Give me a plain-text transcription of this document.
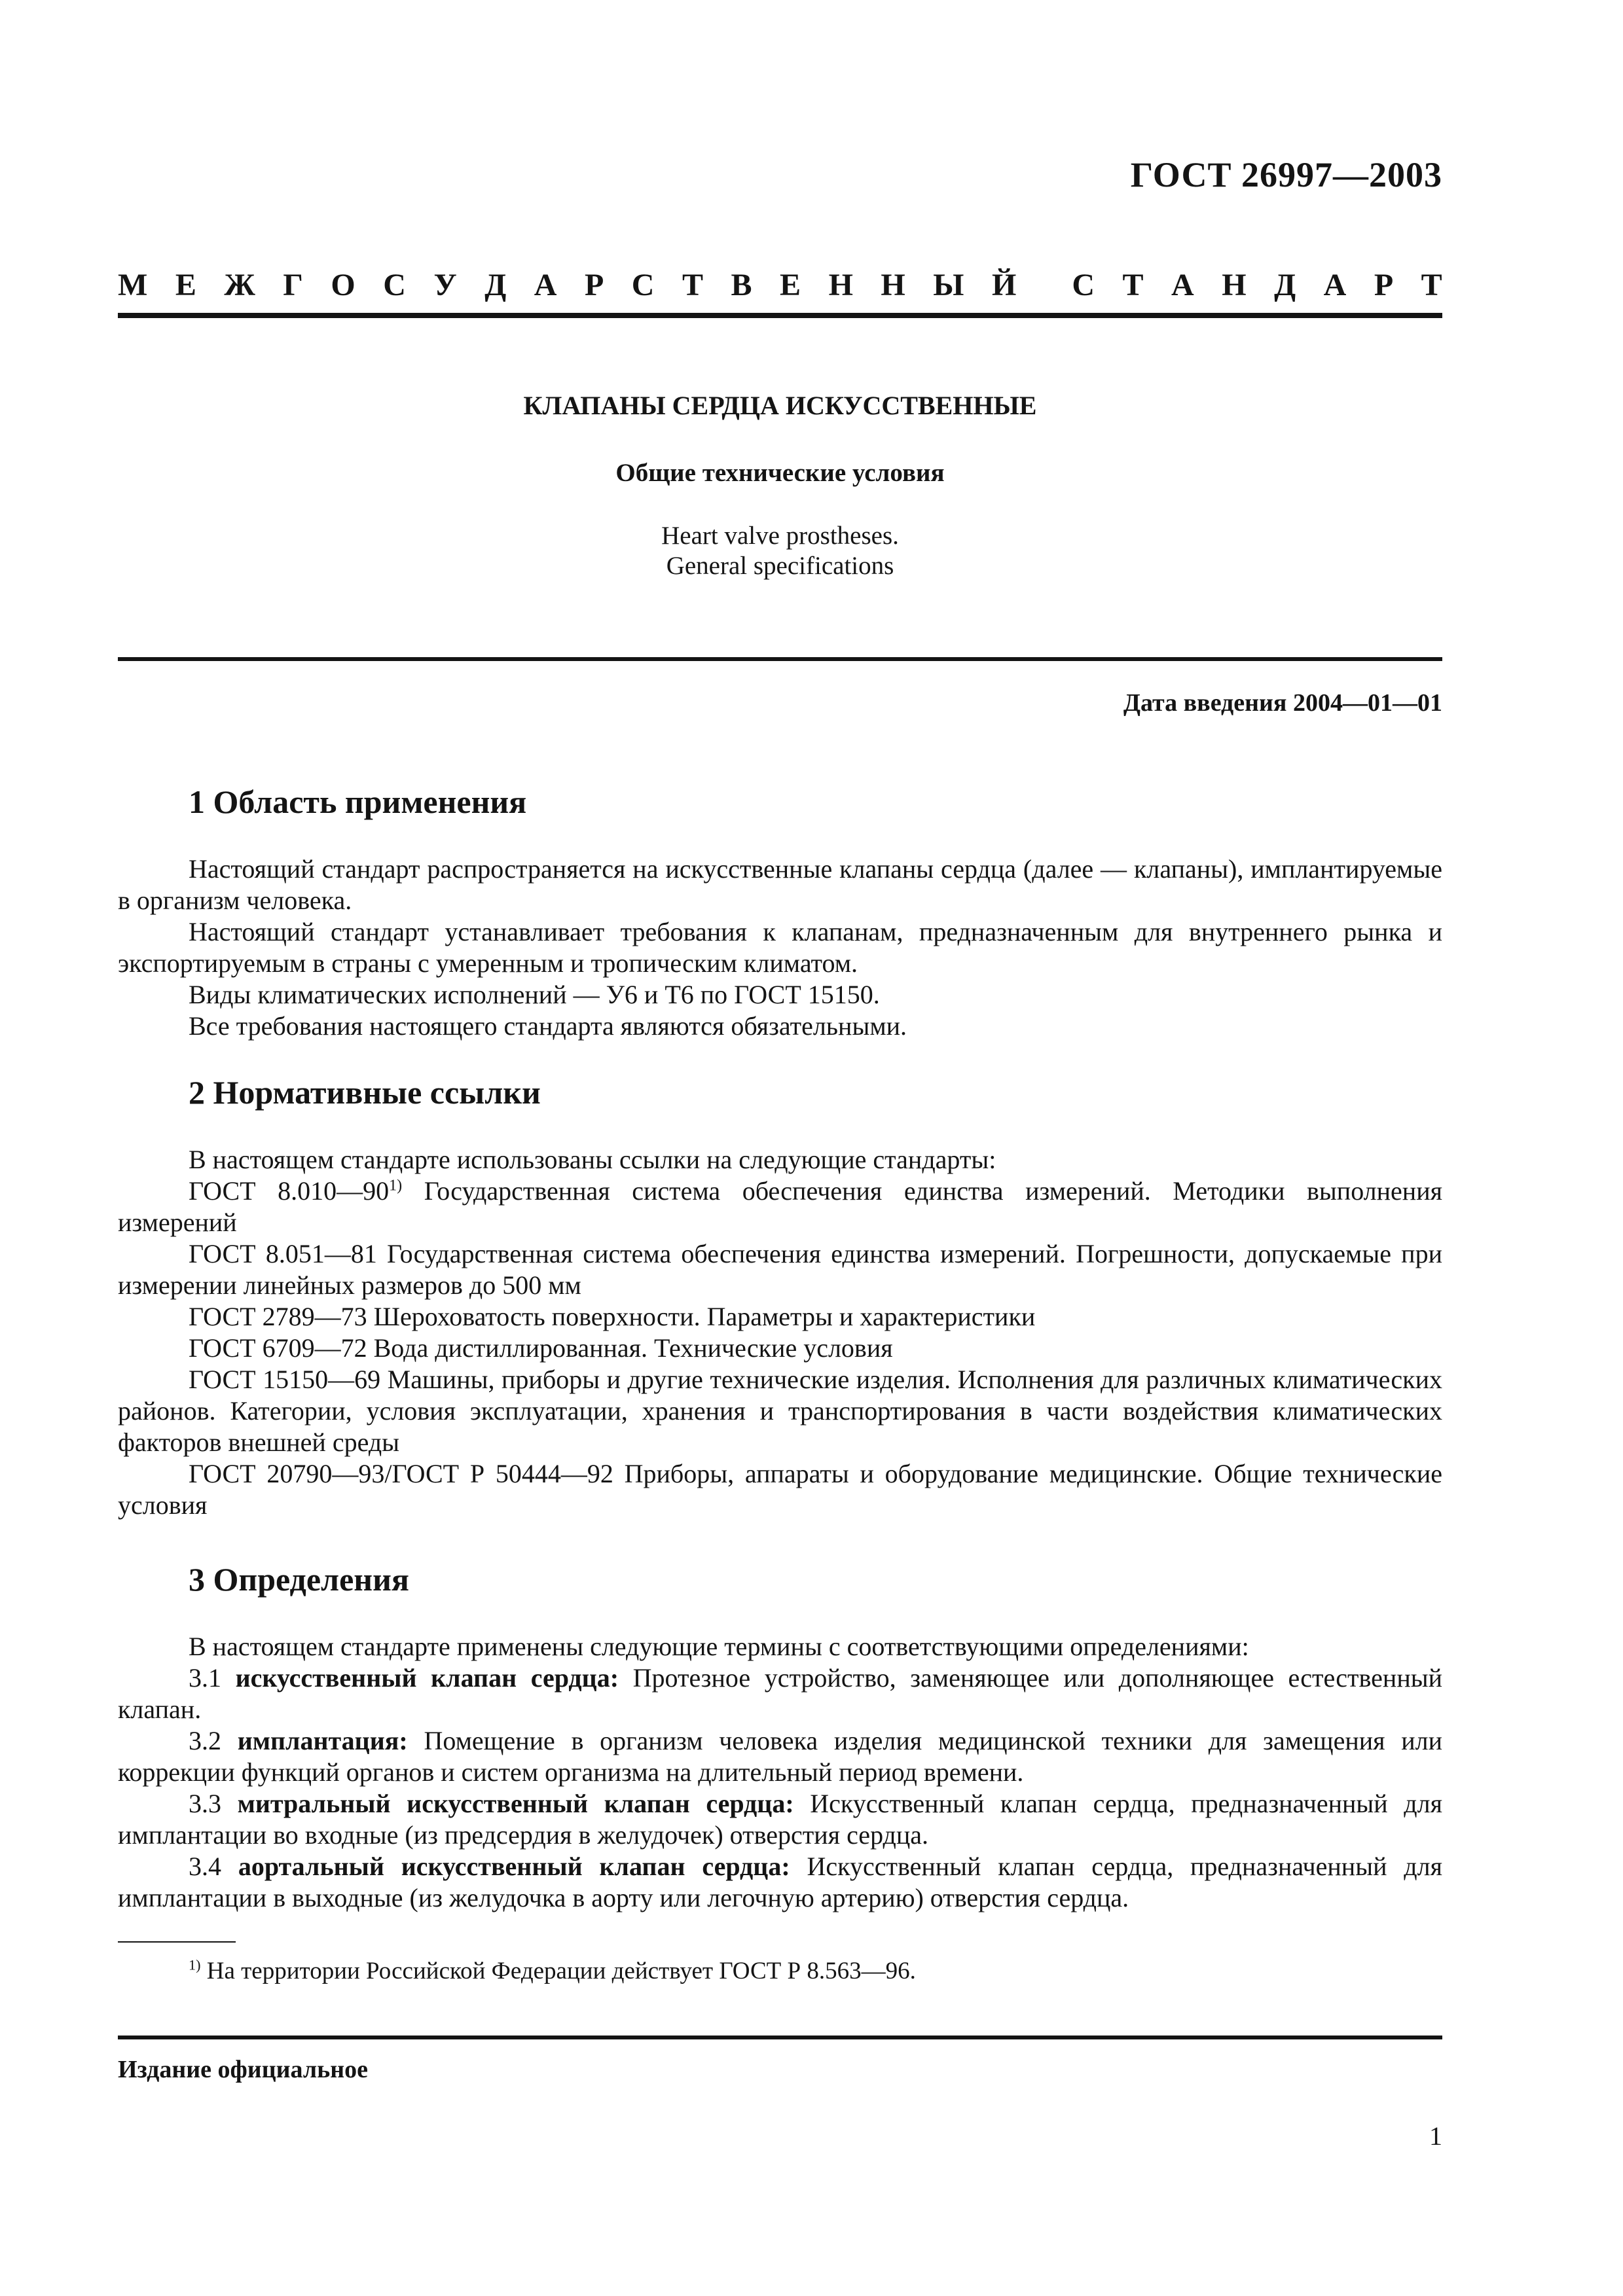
ГОСТ 26997—2003
М Е Ж Г О С У Д А Р С Т В Е Н Н Ы Й С Т А Н Д А Р Т
КЛАПАНЫ СЕРДЦА ИСКУССТВЕННЫЕ
Общие технические условия
Heart valve prostheses.
General specifications
Дата введения 2004—01—01
1 Область применения

Настоящий стандарт распространяется на искусственные клапаны сердца (далее — клапаны), имплантируемые в организм человека.

Настоящий стандарт устанавливает требования к клапанам, предназначенным для внутреннего рынка и экспортируемым в страны с умеренным и тропическим климатом.

Виды климатических исполнений — У6 и Т6 по ГОСТ 15150.

Все требования настоящего стандарта являются обязательными.

2 Нормативные ссылки

В настоящем стандарте использованы ссылки на следующие стандарты:

ГОСТ 8.010—90$^{1)}$ Государственная система обеспечения единства измерений. Методики выполнения измерений

ГОСТ 8.051—81 Государственная система обеспечения единства измерений. Погрешности, допускаемые при измерении линейных размеров до 500 мм

ГОСТ 2789—73 Шероховатость поверхности. Параметры и характеристики

ГОСТ 6709—72 Вода дистиллированная. Технические условия

ГОСТ 15150—69 Машины, приборы и другие технические изделия. Исполнения для различных климатических районов. Категории, условия эксплуатации, хранения и транспортирования в части воздействия климатических факторов внешней среды

ГОСТ 20790—93/ГОСТ Р 50444—92 Приборы, аппараты и оборудование медицинские. Общие технические условия

3 Определения

В настоящем стандарте применены следующие термины с соответствующими определениями:

3.1 искусственный клапан сердца: Протезное устройство, заменяющее или дополняющее естественный клапан.

3.2 имплантация: Помещение в организм человека изделия медицинской техники для замещения или коррекции функций органов и систем организма на длительный период времени.

3.3 митральный искусственный клапан сердца: Искусственный клапан сердца, предназначенный для имплантации во входные (из предсердия в желудочек) отверстия сердца.

3.4 аортальный искусственный клапан сердца: Искусственный клапан сердца, предназначенный для имплантации в выходные (из желудочка в аорту или легочную артерию) отверстия сердца.

$^{1)}$ На территории Российской Федерации действует ГОСТ Р 8.563—96.
Издание официальное
1
